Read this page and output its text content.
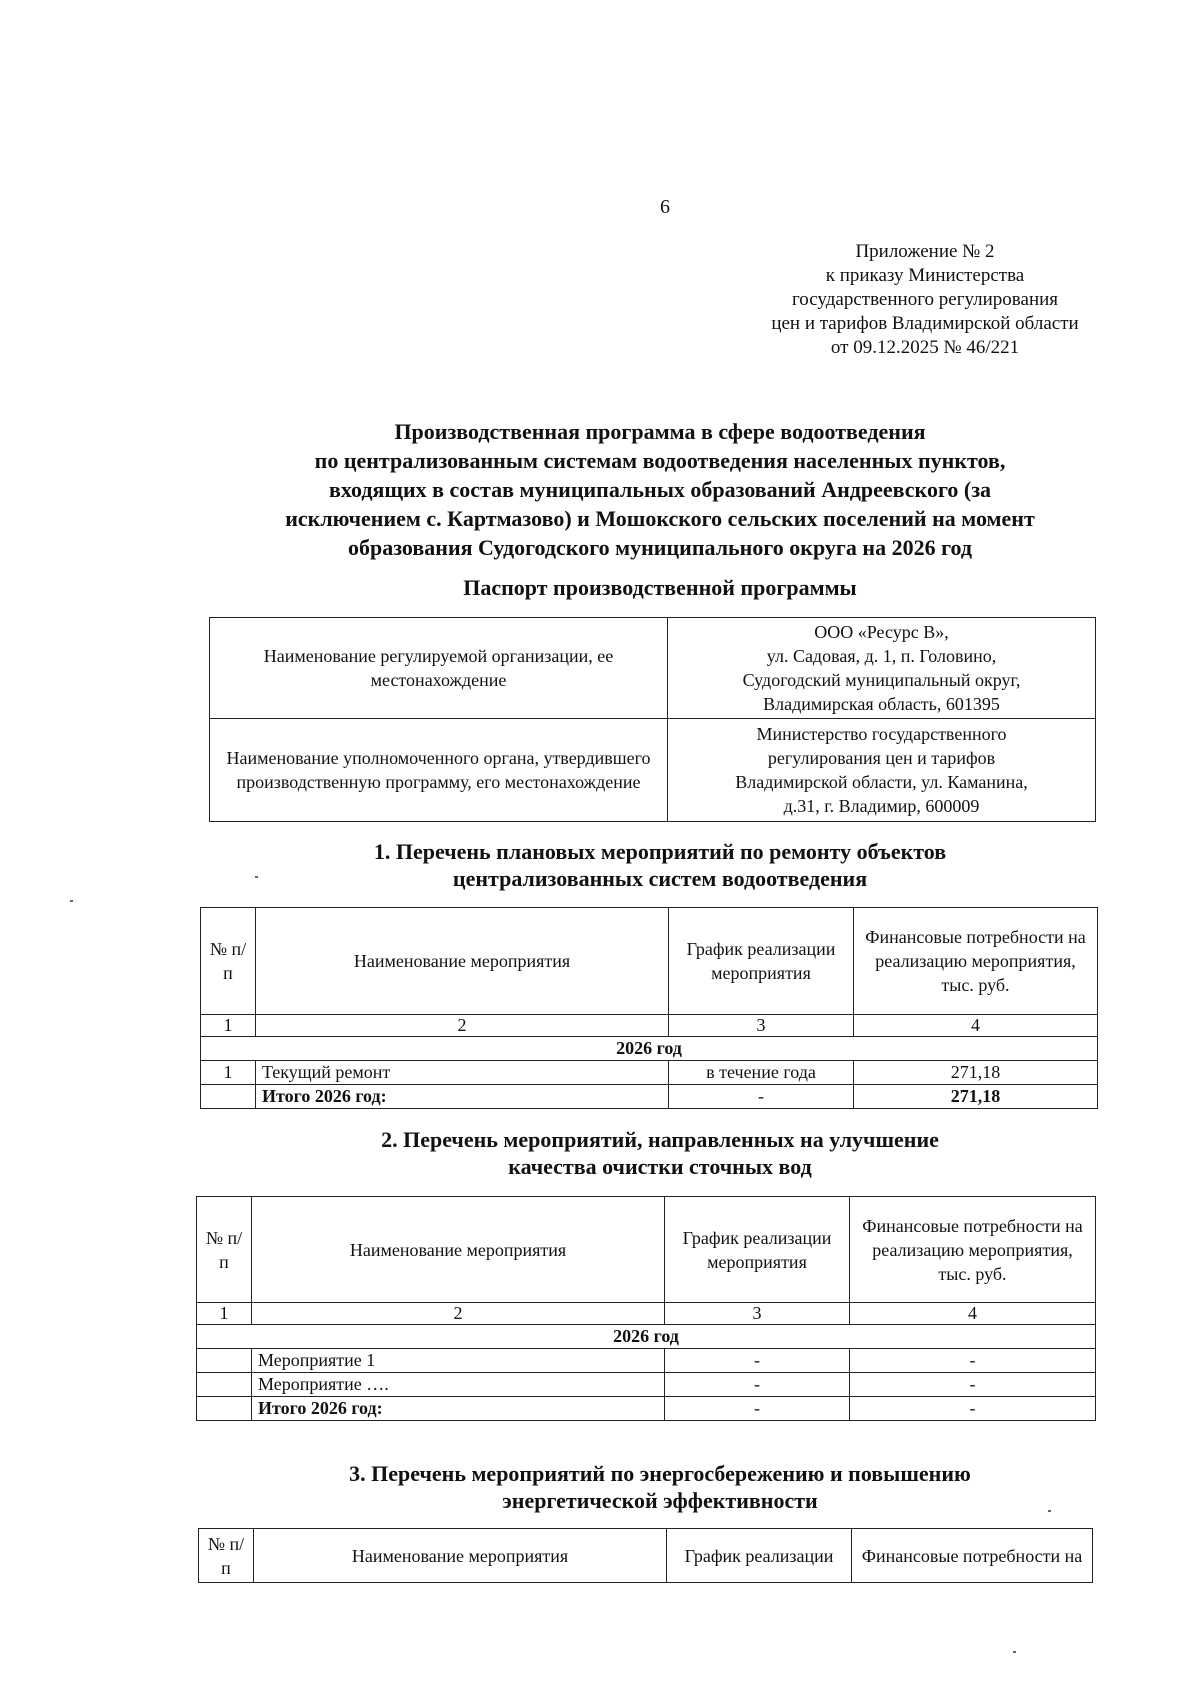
6
Приложение № 2
к приказу Министерства
государственного регулирования
цен и тарифов Владимирской области
от 09.12.2025 № 46/221
Производственная программа в сфере водоотведения
по централизованным системам водоотведения населенных пунктов,
входящих в состав муниципальных образований Андреевского (за
исключением с. Картмазово) и Мошокского сельских поселений на момент
образования Судогодского муниципального округа на 2026 год
Паспорт производственной программы
Наименование регулируемой организации, ее местонахождение	ООО «Ресурс В»,
ул. Садовая, д. 1, п. Головино,
Судогодский муниципальный округ,
Владимирская область, 601395

Наименование уполномоченного органа, утвердившего производственную программу, его местонахождение	Министерство государственного
регулирования цен и тарифов
Владимирской области, ул. Каманина,
д.31, г. Владимир, 600009
1. Перечень плановых мероприятий по ремонту объектов
централизованных систем водоотведения
№ п/п	Наименование мероприятия	График реализации мероприятия	Финансовые потребности на реализацию мероприятия, тыс. руб.
1	2	3	4
2026 год			
1	Текущий ремонт	в течение года	271,18
	Итого 2026 год:	-	271,18
2. Перечень мероприятий, направленных на улучшение
качества очистки сточных вод
№ п/п	Наименование мероприятия	График реализации мероприятия	Финансовые потребности на реализацию мероприятия, тыс. руб.
1	2	3	4
2026 год			
	Мероприятие 1	-	-
	Мероприятие ….	-	-
	Итого 2026 год:	-	-
3. Перечень мероприятий по энергосбережению и повышению
энергетической эффективности
№ п/п	Наименование мероприятия	График реализации	Финансовые потребности на
